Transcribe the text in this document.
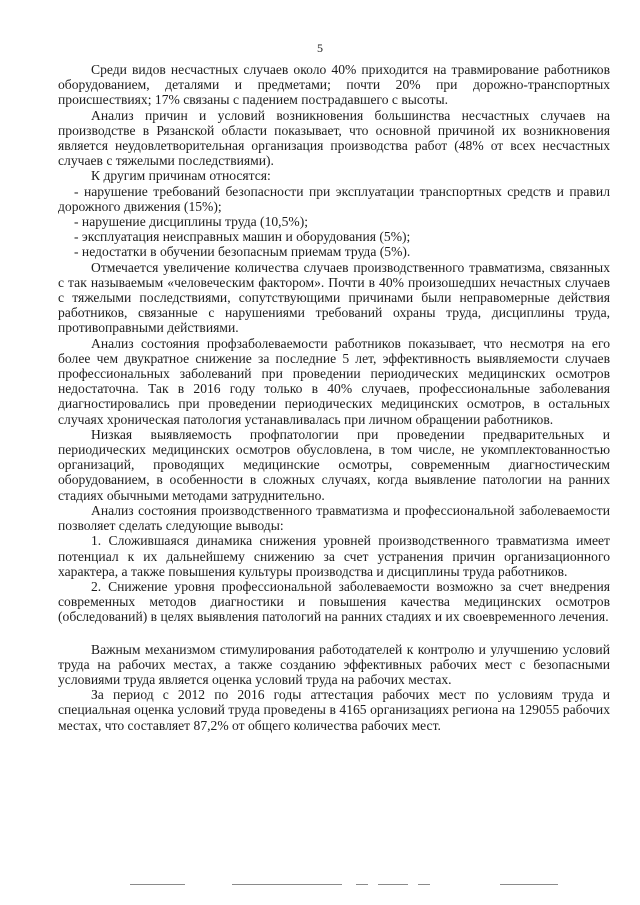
5

Среди видов несчастных случаев около 40% приходится на травмирование работников оборудованием, деталями и предметами; почти 20% при дорожно-транспортных происшествиях; 17% связаны с падением пострадавшего с высоты.

Анализ причин и условий возникновения большинства несчастных случаев на производстве в Рязанской области показывает, что основной причиной их возникновения является неудовлетворительная организация производства работ (48% от всех несчастных случаев с тяжелыми последствиями).

К другим причинам относятся:

- нарушение требований безопасности при эксплуатации транспортных средств и правил дорожного движения (15%);

- нарушение дисциплины труда (10,5%);

- эксплуатация неисправных машин и оборудования (5%);

- недостатки в обучении безопасным приемам труда (5%).

Отмечается увеличение количества случаев производственного травматизма, связанных с так называемым «человеческим фактором». Почти в 40% произошедших нечастных случаев с тяжелыми последствиями, сопутствующими причинами были неправомерные действия работников, связанные с нарушениями требований охраны труда, дисциплины труда, противоправными действиями.

Анализ состояния профзаболеваемости работников показывает, что несмотря на его более чем двукратное снижение за последние 5 лет, эффективность выявляемости случаев профессиональных заболеваний при проведении периодических медицинских осмотров недостаточна. Так в 2016 году только в 40% случаев, профессиональные заболевания диагностировались при проведении периодических медицинских осмотров, в остальных случаях хроническая патология устанавливалась при личном обращении работников.

Низкая выявляемость профпатологии при проведении предварительных и периодических медицинских осмотров обусловлена, в том числе, не укомплектованностью организаций, проводящих медицинские осмотры, современным диагностическим оборудованием, в особенности в сложных случаях, когда выявление патологии на ранних стадиях обычными методами затруднительно.

Анализ состояния производственного травматизма и профессиональной заболеваемости позволяет сделать следующие выводы:

1. Сложившаяся динамика снижения уровней производственного травматизма имеет потенциал к их дальнейшему снижению за счет устранения причин организационного характера, а также повышения культуры производства и дисциплины труда работников.

2. Снижение уровня профессиональной заболеваемости возможно за счет внедрения современных методов диагностики и повышения качества медицинских осмотров (обследований) в целях выявления патологий на ранних стадиях и их своевременного лечения.

Важным механизмом стимулирования работодателей к контролю и улучшению условий труда на рабочих местах, а также созданию эффективных рабочих мест с безопасными условиями труда является оценка условий труда на рабочих местах.

За период с 2012 по 2016 годы аттестация рабочих мест по условиям труда и специальная оценка условий труда проведены в 4165 организациях региона на 129055 рабочих местах, что составляет 87,2% от общего количества рабочих мест.
